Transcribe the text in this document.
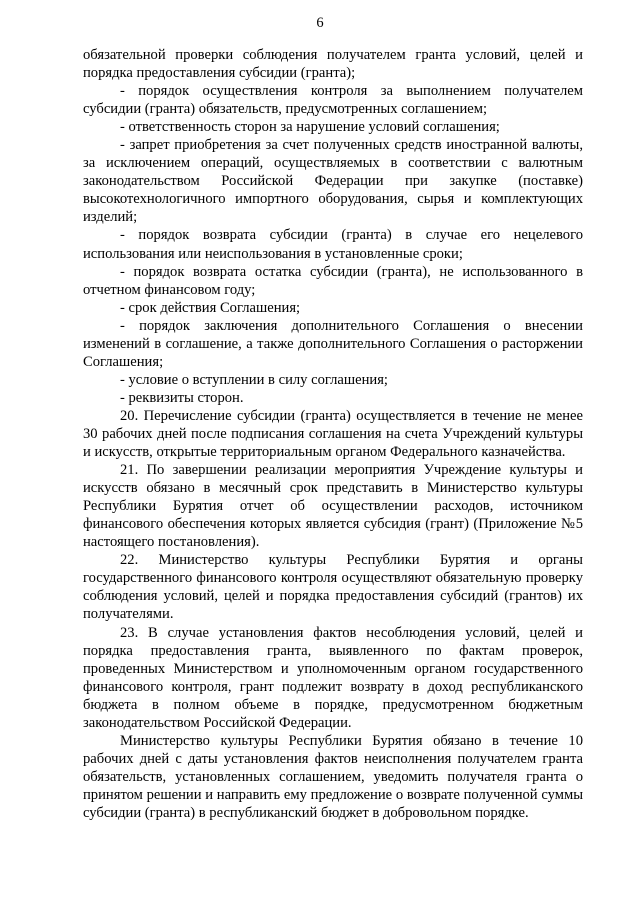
6

обязательной проверки соблюдения получателем гранта условий, целей и порядка предоставления субсидии (гранта);

- порядок осуществления контроля за выполнением получателем субсидии (гранта) обязательств, предусмотренных соглашением;

- ответственность сторон за нарушение условий соглашения;

- запрет приобретения за счет полученных средств иностранной валюты, за исключением операций, осуществляемых в соответствии с валютным законодательством Российской Федерации при закупке (поставке) высокотехнологичного импортного оборудования, сырья и комплектующих изделий;

- порядок возврата субсидии (гранта) в случае его нецелевого использования или неиспользования в установленные сроки;

- порядок возврата остатка субсидии (гранта), не использованного в отчетном финансовом году;

- срок действия Соглашения;

- порядок заключения дополнительного Соглашения о внесении изменений в соглашение, а также дополнительного Соглашения о расторжении Соглашения;

- условие о вступлении в силу соглашения;

- реквизиты сторон.

20. Перечисление субсидии (гранта) осуществляется в течение не менее 30 рабочих дней после подписания соглашения на счета Учреждений культуры и искусств, открытые территориальным органом Федерального казначейства.

21. По завершении реализации мероприятия Учреждение культуры и искусств обязано в месячный срок представить в Министерство культуры Республики Бурятия отчет об осуществлении расходов, источником финансового обеспечения которых является субсидия (грант) (Приложение №5 настоящего постановления).

22. Министерство культуры Республики Бурятия и органы государственного финансового контроля осуществляют обязательную проверку соблюдения условий, целей и порядка предоставления субсидий (грантов) их получателями.

23. В случае установления фактов несоблюдения условий, целей и порядка предоставления гранта, выявленного по фактам проверок, проведенных Министерством и уполномоченным органом государственного финансового контроля, грант подлежит возврату в доход республиканского бюджета в полном объеме в порядке, предусмотренном бюджетным законодательством Российской Федерации.

Министерство культуры Республики Бурятия обязано в течение 10 рабочих дней с даты установления фактов неисполнения получателем гранта обязательств, установленных соглашением, уведомить получателя гранта о принятом решении и направить ему предложение о возврате полученной суммы субсидии (гранта) в республиканский бюджет в добровольном порядке.
